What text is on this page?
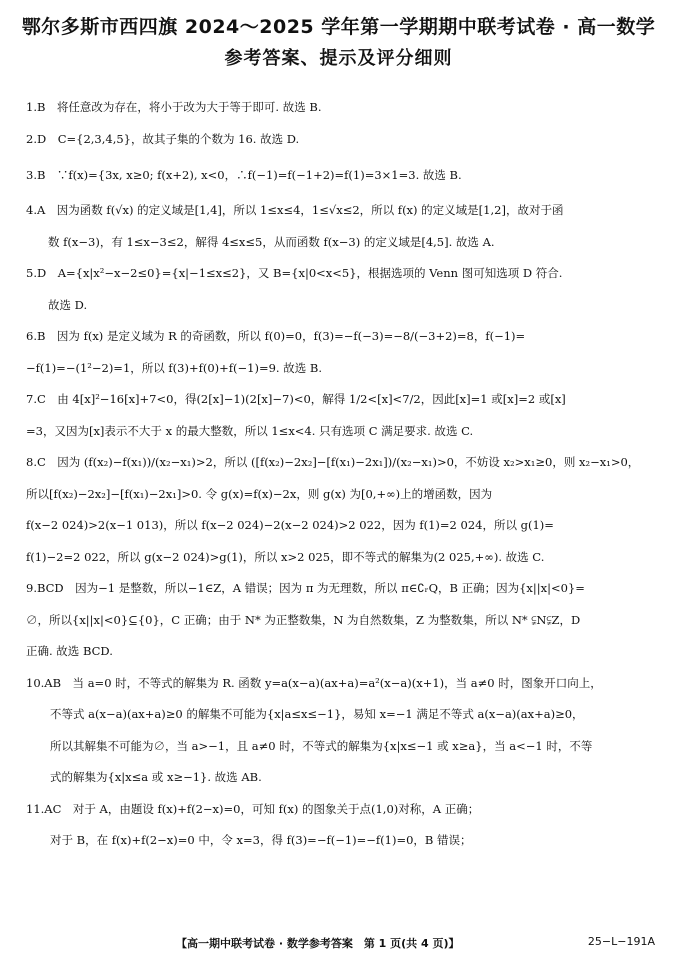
鄂尔多斯市西四旗 2024～2025 学年第一学期期中联考试卷 · 高一数学
参考答案、提示及评分细则
1.B　将任意改为存在，将小于改为大于等于即可. 故选 B.
2.D　C={2,3,4,5}，故其子集的个数为 16. 故选 D.
3.B　∵f(x)={3x, x≥0; f(x+2), x<0，∴f(−1)=f(−1+2)=f(1)=3×1=3. 故选 B.
4.A　因为函数 f(√x) 的定义域是[1,4]，所以 1≤x≤4，1≤√x≤2，所以 f(x) 的定义域是[1,2]，故对于函
数 f(x−3)，有 1≤x−3≤2，解得 4≤x≤5，从而函数 f(x−3) 的定义域是[4,5]. 故选 A.
5.D　A={x|x²−x−2≤0}={x|−1≤x≤2}，又 B={x|0<x<5}，根据选项的 Venn 图可知选项 D 符合.
故选 D.
6.B　因为 f(x) 是定义域为 R 的奇函数，所以 f(0)=0，f(3)=−f(−3)=−8/(−3+2)=8，f(−1)=
−f(1)=−(1²−2)=1，所以 f(3)+f(0)+f(−1)=9. 故选 B.
7.C　由 4[x]²−16[x]+7<0，得(2[x]−1)(2[x]−7)<0，解得 1/2<[x]<7/2，因此[x]=1 或[x]=2 或[x]
=3，又因为[x]表示不大于 x 的最大整数，所以 1≤x<4. 只有选项 C 满足要求. 故选 C.
8.C　因为 (f(x₂)−f(x₁))/(x₂−x₁)>2，所以 ([f(x₂)−2x₂]−[f(x₁)−2x₁])/(x₂−x₁)>0，不妨设 x₂>x₁≥0，则 x₂−x₁>0，
所以[f(x₂)−2x₂]−[f(x₁)−2x₁]>0. 令 g(x)=f(x)−2x，则 g(x) 为[0,+∞)上的增函数，因为
f(x−2 024)>2(x−1 013)，所以 f(x−2 024)−2(x−2 024)>2 022，因为 f(1)=2 024，所以 g(1)=
f(1)−2=2 022，所以 g(x−2 024)>g(1)，所以 x>2 025，即不等式的解集为(2 025,+∞). 故选 C.
9.BCD　因为−1 是整数，所以−1∈Z，A 错误；因为 π 为无理数，所以 π∈∁ᵣQ，B 正确；因为{x||x|<0}=
∅，所以{x||x|<0}⊆{0}，C 正确；由于 N* 为正整数集，N 为自然数集，Z 为整数集，所以 N* ⫋N⫋Z，D
正确. 故选 BCD.
10.AB　当 a=0 时，不等式的解集为 R. 函数 y=a(x−a)(ax+a)=a²(x−a)(x+1)，当 a≠0 时，图象开口向上，
不等式 a(x−a)(ax+a)≥0 的解集不可能为{x|a≤x≤−1}，易知 x=−1 满足不等式 a(x−a)(ax+a)≥0，
所以其解集不可能为∅，当 a>−1，且 a≠0 时，不等式的解集为{x|x≤−1 或 x≥a}，当 a<−1 时，不等
式的解集为{x|x≤a 或 x≥−1}. 故选 AB.
11.AC　对于 A，由题设 f(x)+f(2−x)=0，可知 f(x) 的图象关于点(1,0)对称，A 正确；
对于 B，在 f(x)+f(2−x)=0 中，令 x=3，得 f(3)=−f(−1)=−f(1)=0，B 错误；
【高一期中联考试卷 · 数学参考答案　第 1 页(共 4 页)】	25−L−191A
